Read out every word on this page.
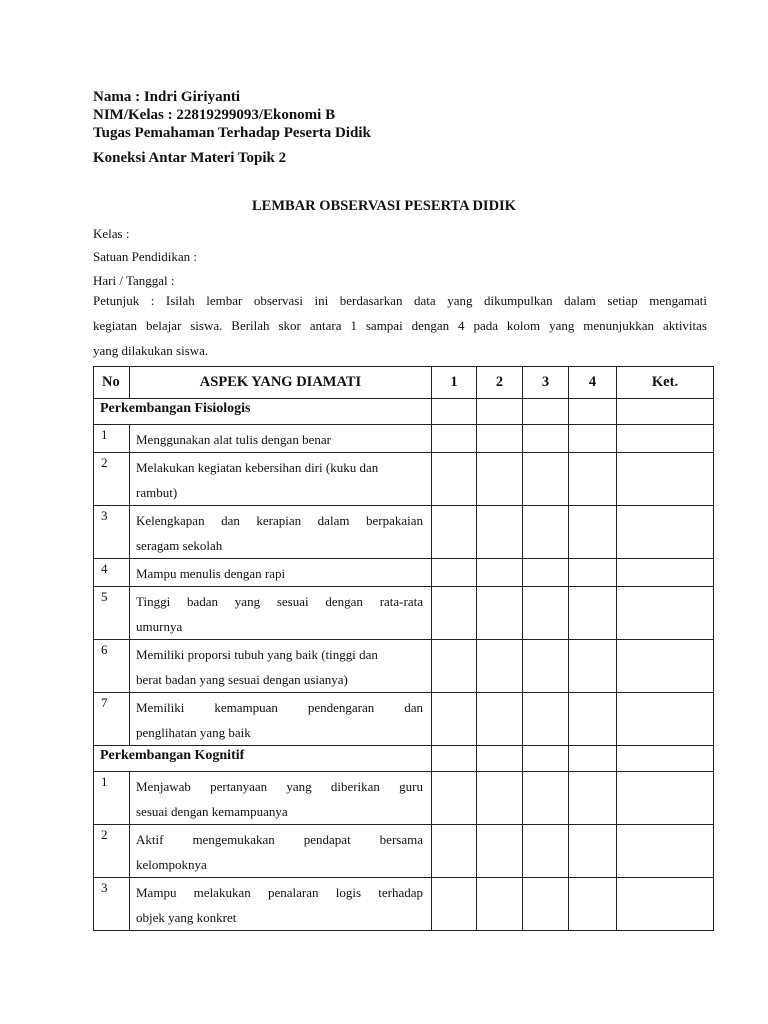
Nama : Indri Giriyanti
NIM/Kelas : 22819299093/Ekonomi B
Tugas Pemahaman Terhadap Peserta Didik
Koneksi Antar Materi Topik 2
LEMBAR OBSERVASI PESERTA DIDIK
Kelas :
Satuan Pendidikan :
Hari / Tanggal :
Petunjuk : Isilah lembar observasi ini berdasarkan data yang dikumpulkan dalam setiap mengamati
kegiatan belajar siswa. Berilah skor antara 1 sampai dengan 4 pada kolom yang menunjukkan aktivitas
yang dilakukan siswa.
No	ASPEK YANG DIAMATI	1	2	3	4	Ket.
Perkembangan Fisiologis						
1	Menggunakan alat tulis dengan benar					

2	Melakukan kegiatan kebersihan diri (kuku dan
rambut)					

3	Kelengkapan dan kerapian dalam berpakaian
seragam sekolah					

4	Mampu menulis dengan rapi					

5	Tinggi badan yang sesuai dengan rata-rata
umurnya					

6	Memiliki proporsi tubuh yang baik (tinggi dan
berat badan yang sesuai dengan usianya)					

7	Memiliki kemampuan pendengaran dan
penglihatan yang baik					

Perkembangan Kognitif						
1	Menjawab pertanyaan yang diberikan guru
sesuai dengan kemampuanya					

2	Aktif mengemukakan pendapat bersama
kelompoknya					

3	Mampu melakukan penalaran logis terhadap
objek yang konkret					
